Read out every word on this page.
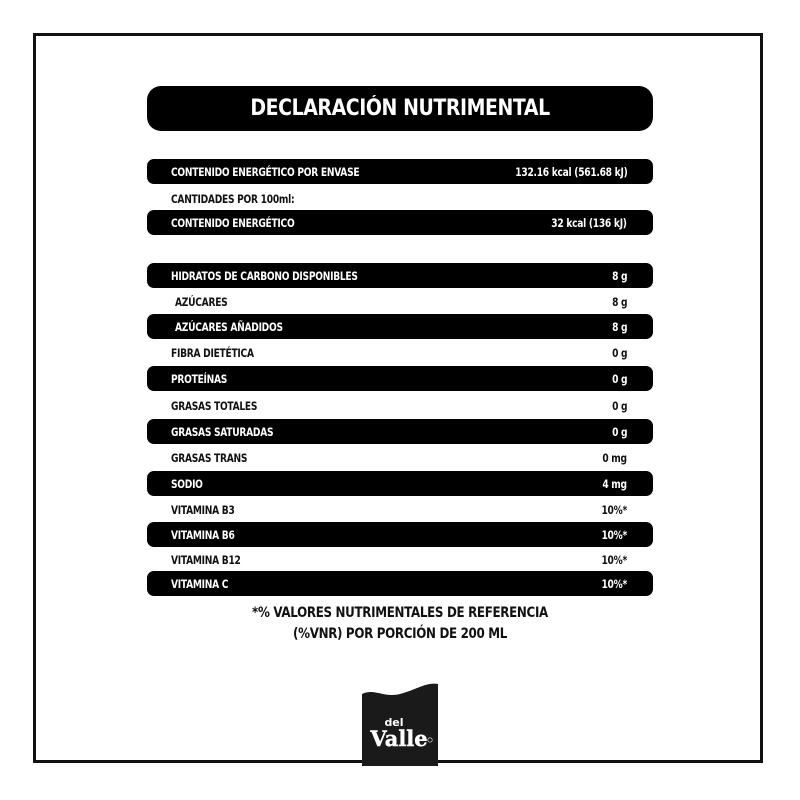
DECLARACIÓN NUTRIMENTAL
CONTENIDO ENERGÉTICO POR ENVASE	132.16 kcal (561.68 kJ)
CANTIDADES POR 100ml:
CONTENIDO ENERGÉTICO	32 kcal (136 kJ)
HIDRATOS DE CARBONO DISPONIBLES	8 g
AZÚCARES	8 g
AZÚCARES AÑADIDOS	8 g
FIBRA DIETÉTICA	0 g
PROTEÍNAS	0 g
GRASAS TOTALES	0 g
GRASAS SATURADAS	0 g
GRASAS TRANS	0 mg
SODIO	4 mg
VITAMINA B3	10%*
VITAMINA B6	10%*
VITAMINA B12	10%*
VITAMINA C	10%*
*% VALORES NUTRIMENTALES DE REFERENCIA
(%VNR) POR PORCIÓN DE 200 ML
del
Valle
